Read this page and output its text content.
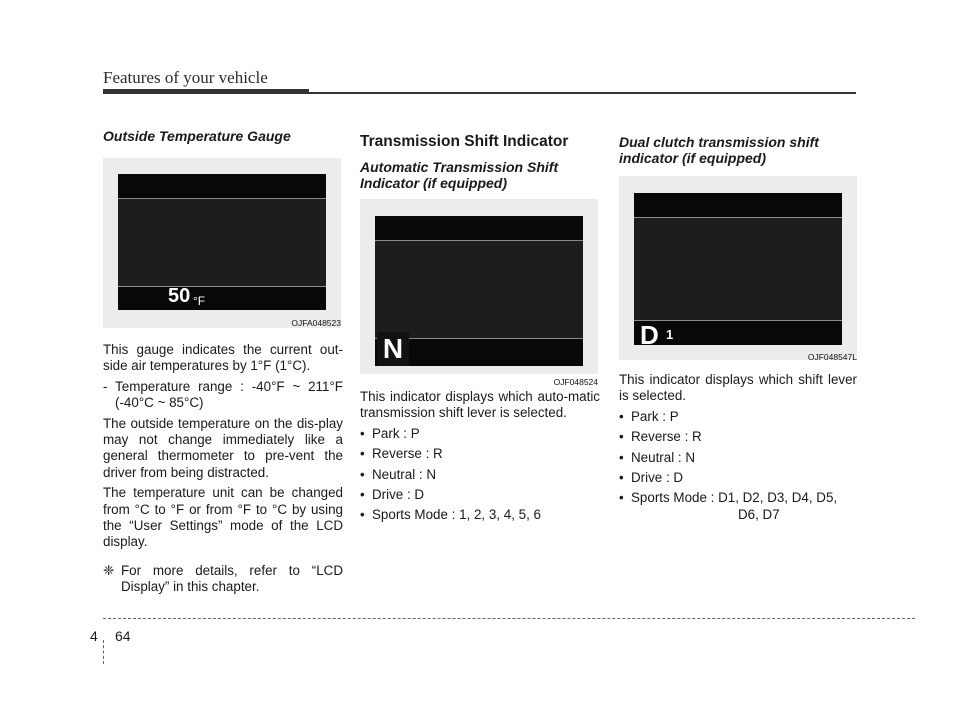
Features of your vehicle
Outside Temperature Gauge
50 °F
OJFA048523

This gauge indicates the current out-side air temperatures by 1°F (1°C).

- Temperature range : -40°F ~ 211°F (-40°C ~ 85°C)

The outside temperature on the dis-play may not change immediately like a general thermometer to pre-vent the driver from being distracted.

The temperature unit can be changed from °C to °F or from °F to °C by using the “User Settings” mode of the LCD display.

❈ For more details, refer to “LCD Display” in this chapter.
Transmission Shift Indicator
Automatic Transmission Shift Indicator (if equipped)
N
OJF048524

This indicator displays which auto-matic transmission shift lever is selected.

• Park : P
• Reverse : R
• Neutral : N
• Drive : D
• Sports Mode : 1, 2, 3, 4, 5, 6
Dual clutch transmission shift indicator (if equipped)
D 1
OJF048547L

This indicator displays which shift lever is selected.

• Park : P
• Reverse : R
• Neutral : N
• Drive : D
• Sports Mode : D1, D2, D3, D4, D5,
D6, D7
4 64
